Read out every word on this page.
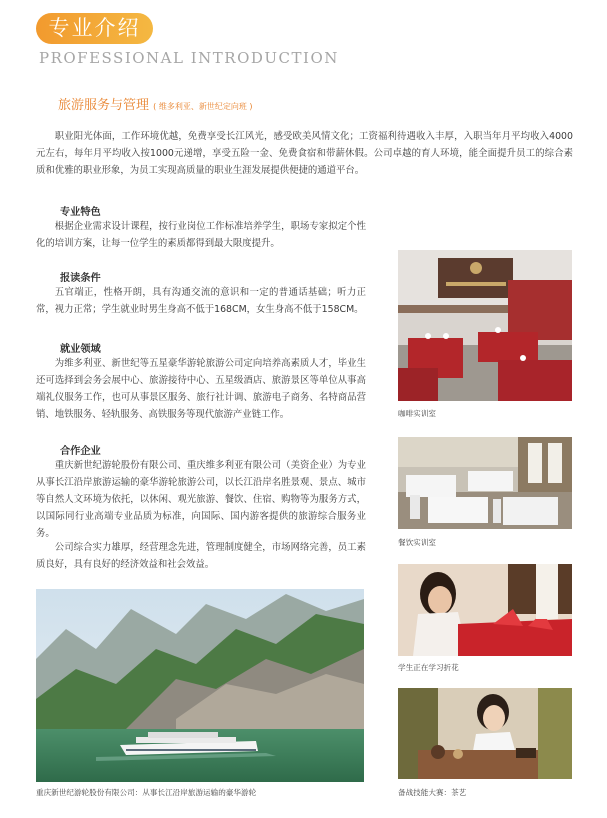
专业介绍
PROFESSIONAL INTRODUCTION
旅游服务与管理 ( 维多利亚、新世纪定向班 )
职业阳光体面，工作环境优越，免费享受长江风光，感受欧美风情文化；工资福利待遇收入丰厚，入职当年月平均收入4000元左右，每年月平均收入按1000元递增，享受五险一金、免费食宿和带薪休假。公司卓越的育人环境，能全面提升员工的综合素质和优雅的职业形象，为员工实现高质量的职业生涯发展提供便捷的通道平台。
专业特色
根据企业需求设计课程，按行业岗位工作标准培养学生，职场专家拟定个性化的培训方案，让每一位学生的素质都得到最大限度提升。
报读条件
五官端正，性格开朗，具有沟通交流的意识和一定的普通话基础；听力正常，视力正常；学生就业时男生身高不低于168CM，女生身高不低于158CM。
就业领域
为维多利亚、新世纪等五星豪华游轮旅游公司定向培养高素质人才，毕业生还可选择到会务会展中心、旅游接待中心、五星级酒店、旅游景区等单位从事高端礼仪服务工作，也可从事景区服务、旅行社计调、旅游电子商务、名特商品营销、地铁服务、轻轨服务、高铁服务等现代旅游产业链工作。
合作企业
重庆新世纪游轮股份有限公司、重庆维多利亚有限公司（美资企业）为专业从事长江沿岸旅游运输的豪华游轮旅游公司，以长江沿岸名胜景观、景点、城市等自然人文环境为依托，以休闲、观光旅游、餐饮、住宿、购物等为服务方式，以国际同行业高端专业品质为标准，向国际、国内游客提供的旅游综合服务业务。
公司综合实力雄厚，经营理念先进，管理制度健全，市场网络完善，员工素质良好，具有良好的经济效益和社会效益。
重庆新世纪游轮股份有限公司：从事长江沿岸旅游运输的豪华游轮
咖啡实训室
餐饮实训室
学生正在学习折花
备战技能大赛：茶艺
